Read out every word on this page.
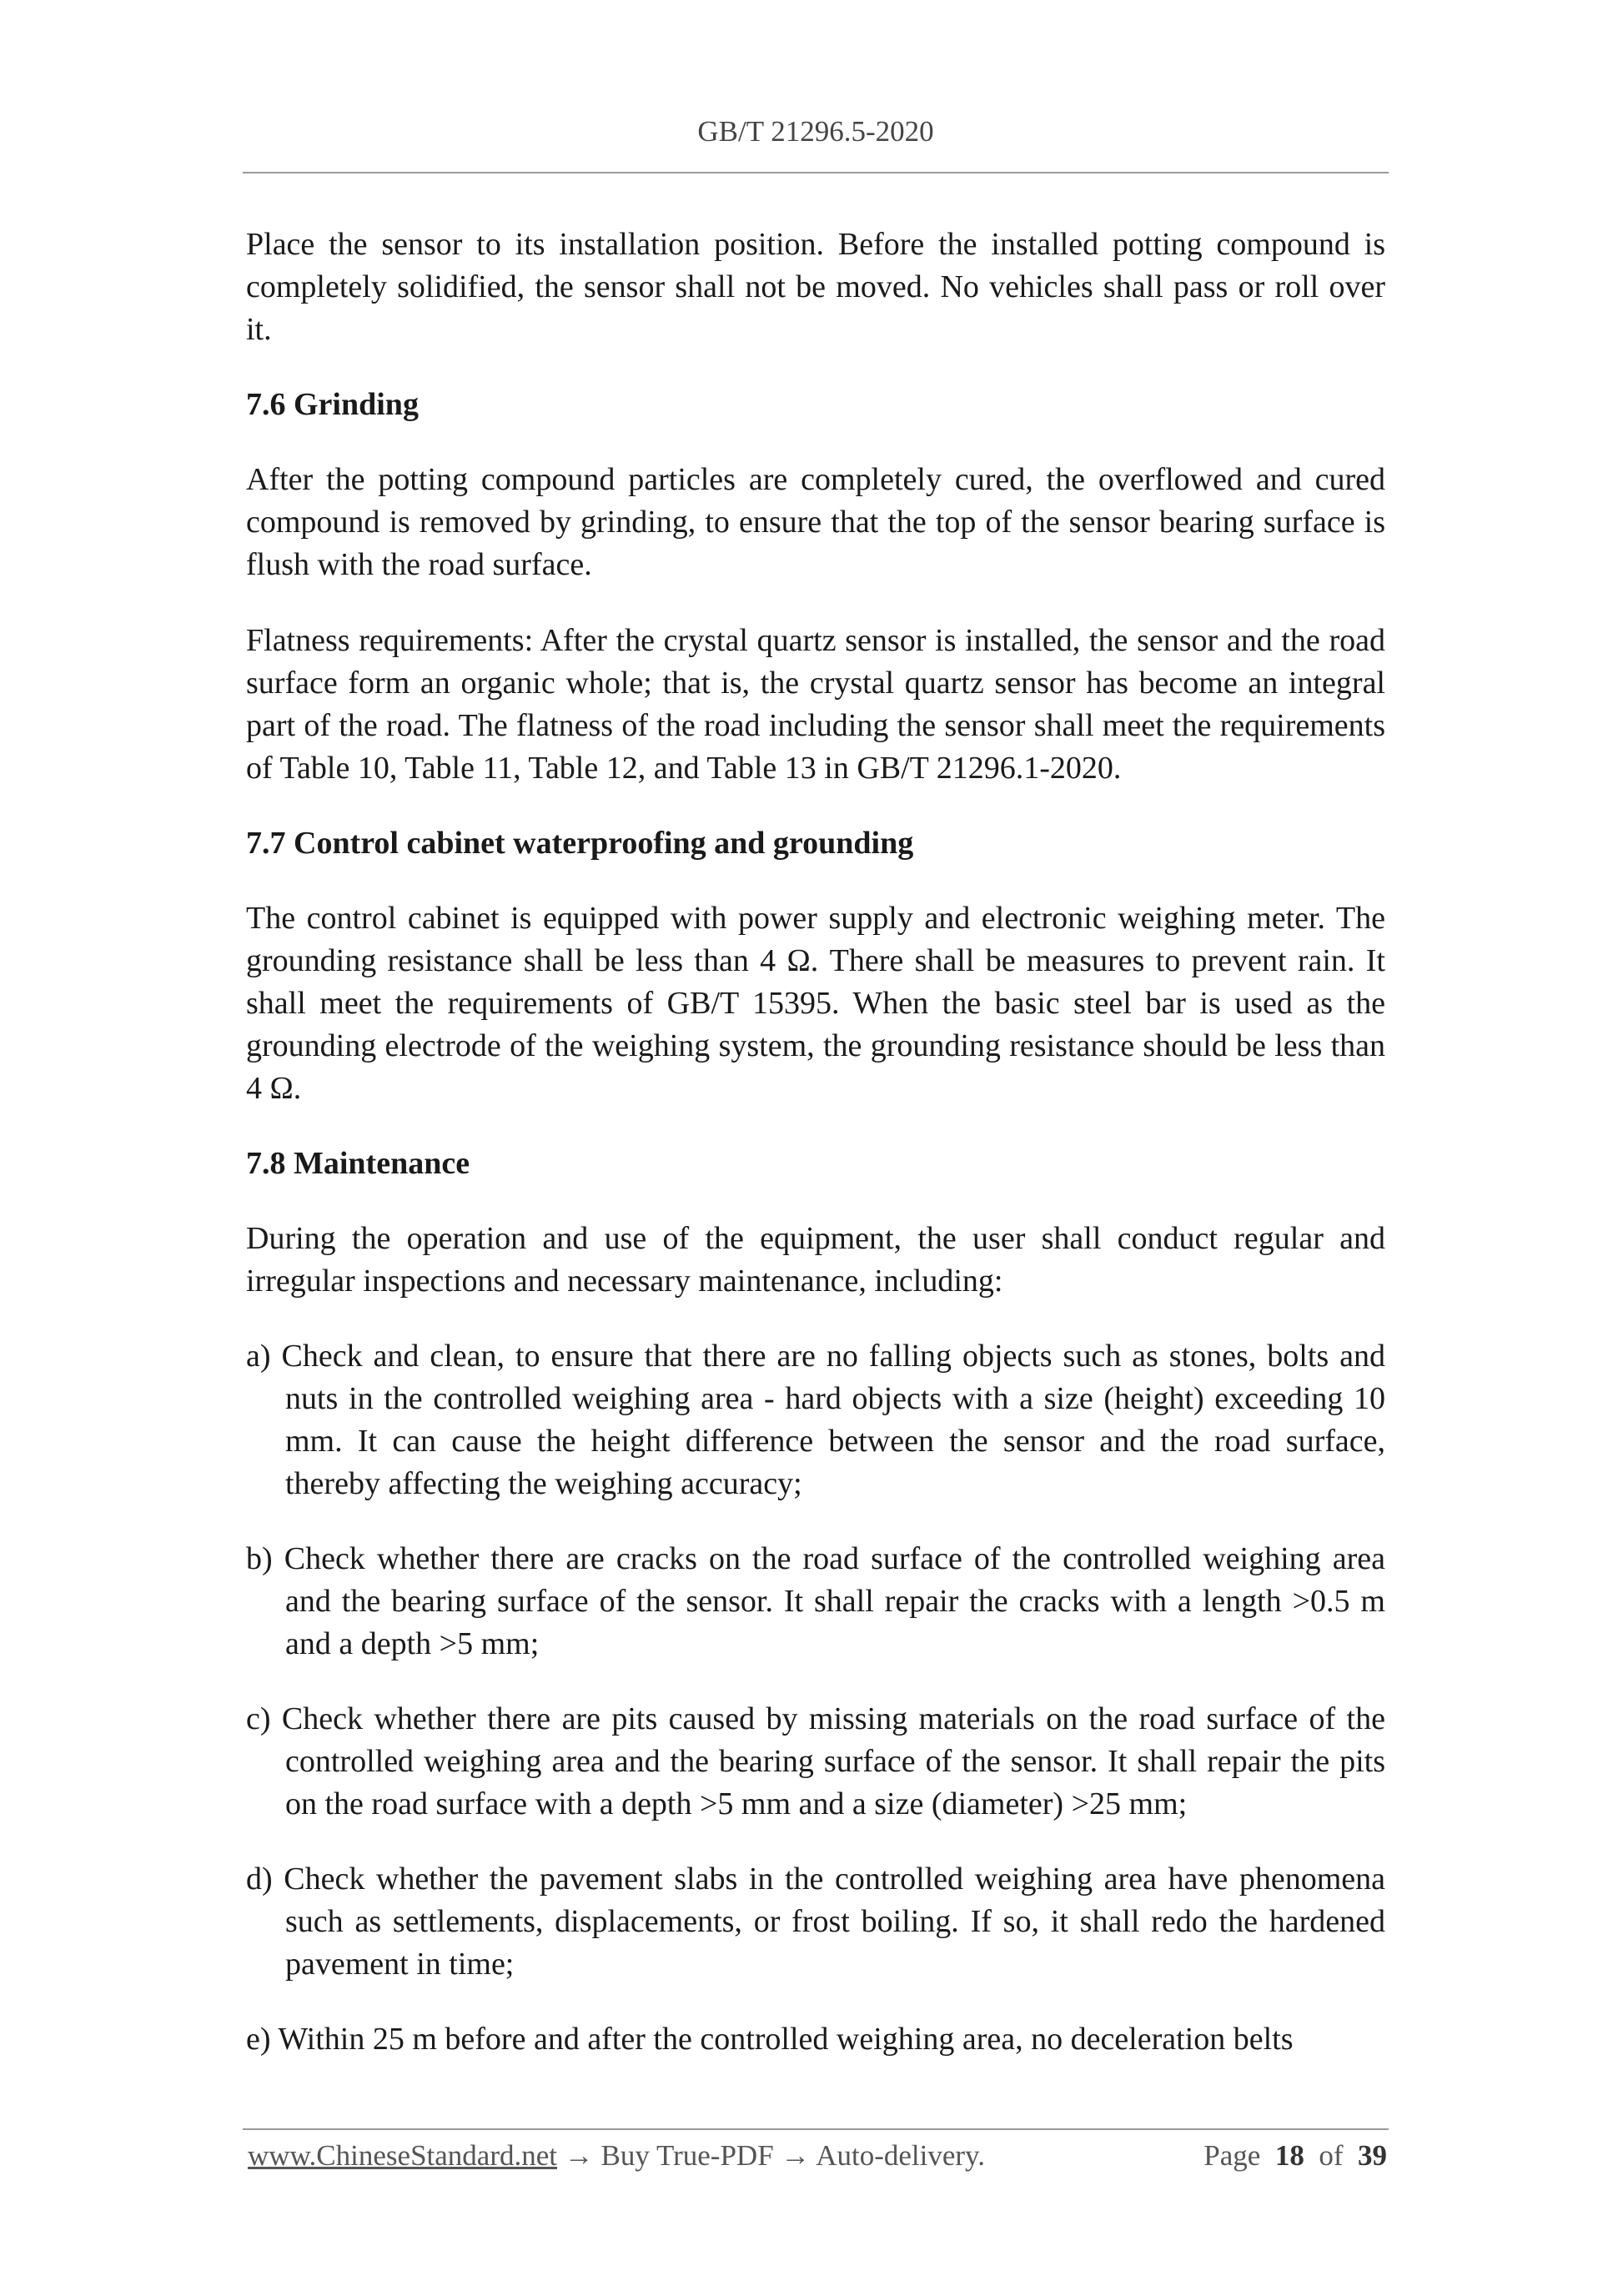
GB/T 21296.5-2020

Place the sensor to its installation position. Before the installed potting compound is completely solidified, the sensor shall not be moved. No vehicles shall pass or roll over it.

7.6 Grinding

After the potting compound particles are completely cured, the overflowed and cured compound is removed by grinding, to ensure that the top of the sensor bearing surface is flush with the road surface.

Flatness requirements: After the crystal quartz sensor is installed, the sensor and the road surface form an organic whole; that is, the crystal quartz sensor has become an integral part of the road. The flatness of the road including the sensor shall meet the requirements of Table 10, Table 11, Table 12, and Table 13 in GB/T 21296.1-2020.

7.7 Control cabinet waterproofing and grounding

The control cabinet is equipped with power supply and electronic weighing meter. The grounding resistance shall be less than 4 Ω. There shall be measures to prevent rain. It shall meet the requirements of GB/T 15395. When the basic steel bar is used as the grounding electrode of the weighing system, the grounding resistance should be less than 4 Ω.

7.8 Maintenance

During the operation and use of the equipment, the user shall conduct regular and irregular inspections and necessary maintenance, including:

a) Check and clean, to ensure that there are no falling objects such as stones, bolts and nuts in the controlled weighing area - hard objects with a size (height) exceeding 10 mm. It can cause the height difference between the sensor and the road surface, thereby affecting the weighing accuracy;

b) Check whether there are cracks on the road surface of the controlled weighing area and the bearing surface of the sensor. It shall repair the cracks with a length >0.5 m and a depth >5 mm;

c) Check whether there are pits caused by missing materials on the road surface of the controlled weighing area and the bearing surface of the sensor. It shall repair the pits on the road surface with a depth >5 mm and a size (diameter) >25 mm;

d) Check whether the pavement slabs in the controlled weighing area have phenomena such as settlements, displacements, or frost boiling. If so, it shall redo the hardened pavement in time;

e) Within 25 m before and after the controlled weighing area, no deceleration belts

www.ChineseStandard.net → Buy True-PDF → Auto-delivery.	Page 18 of 39
